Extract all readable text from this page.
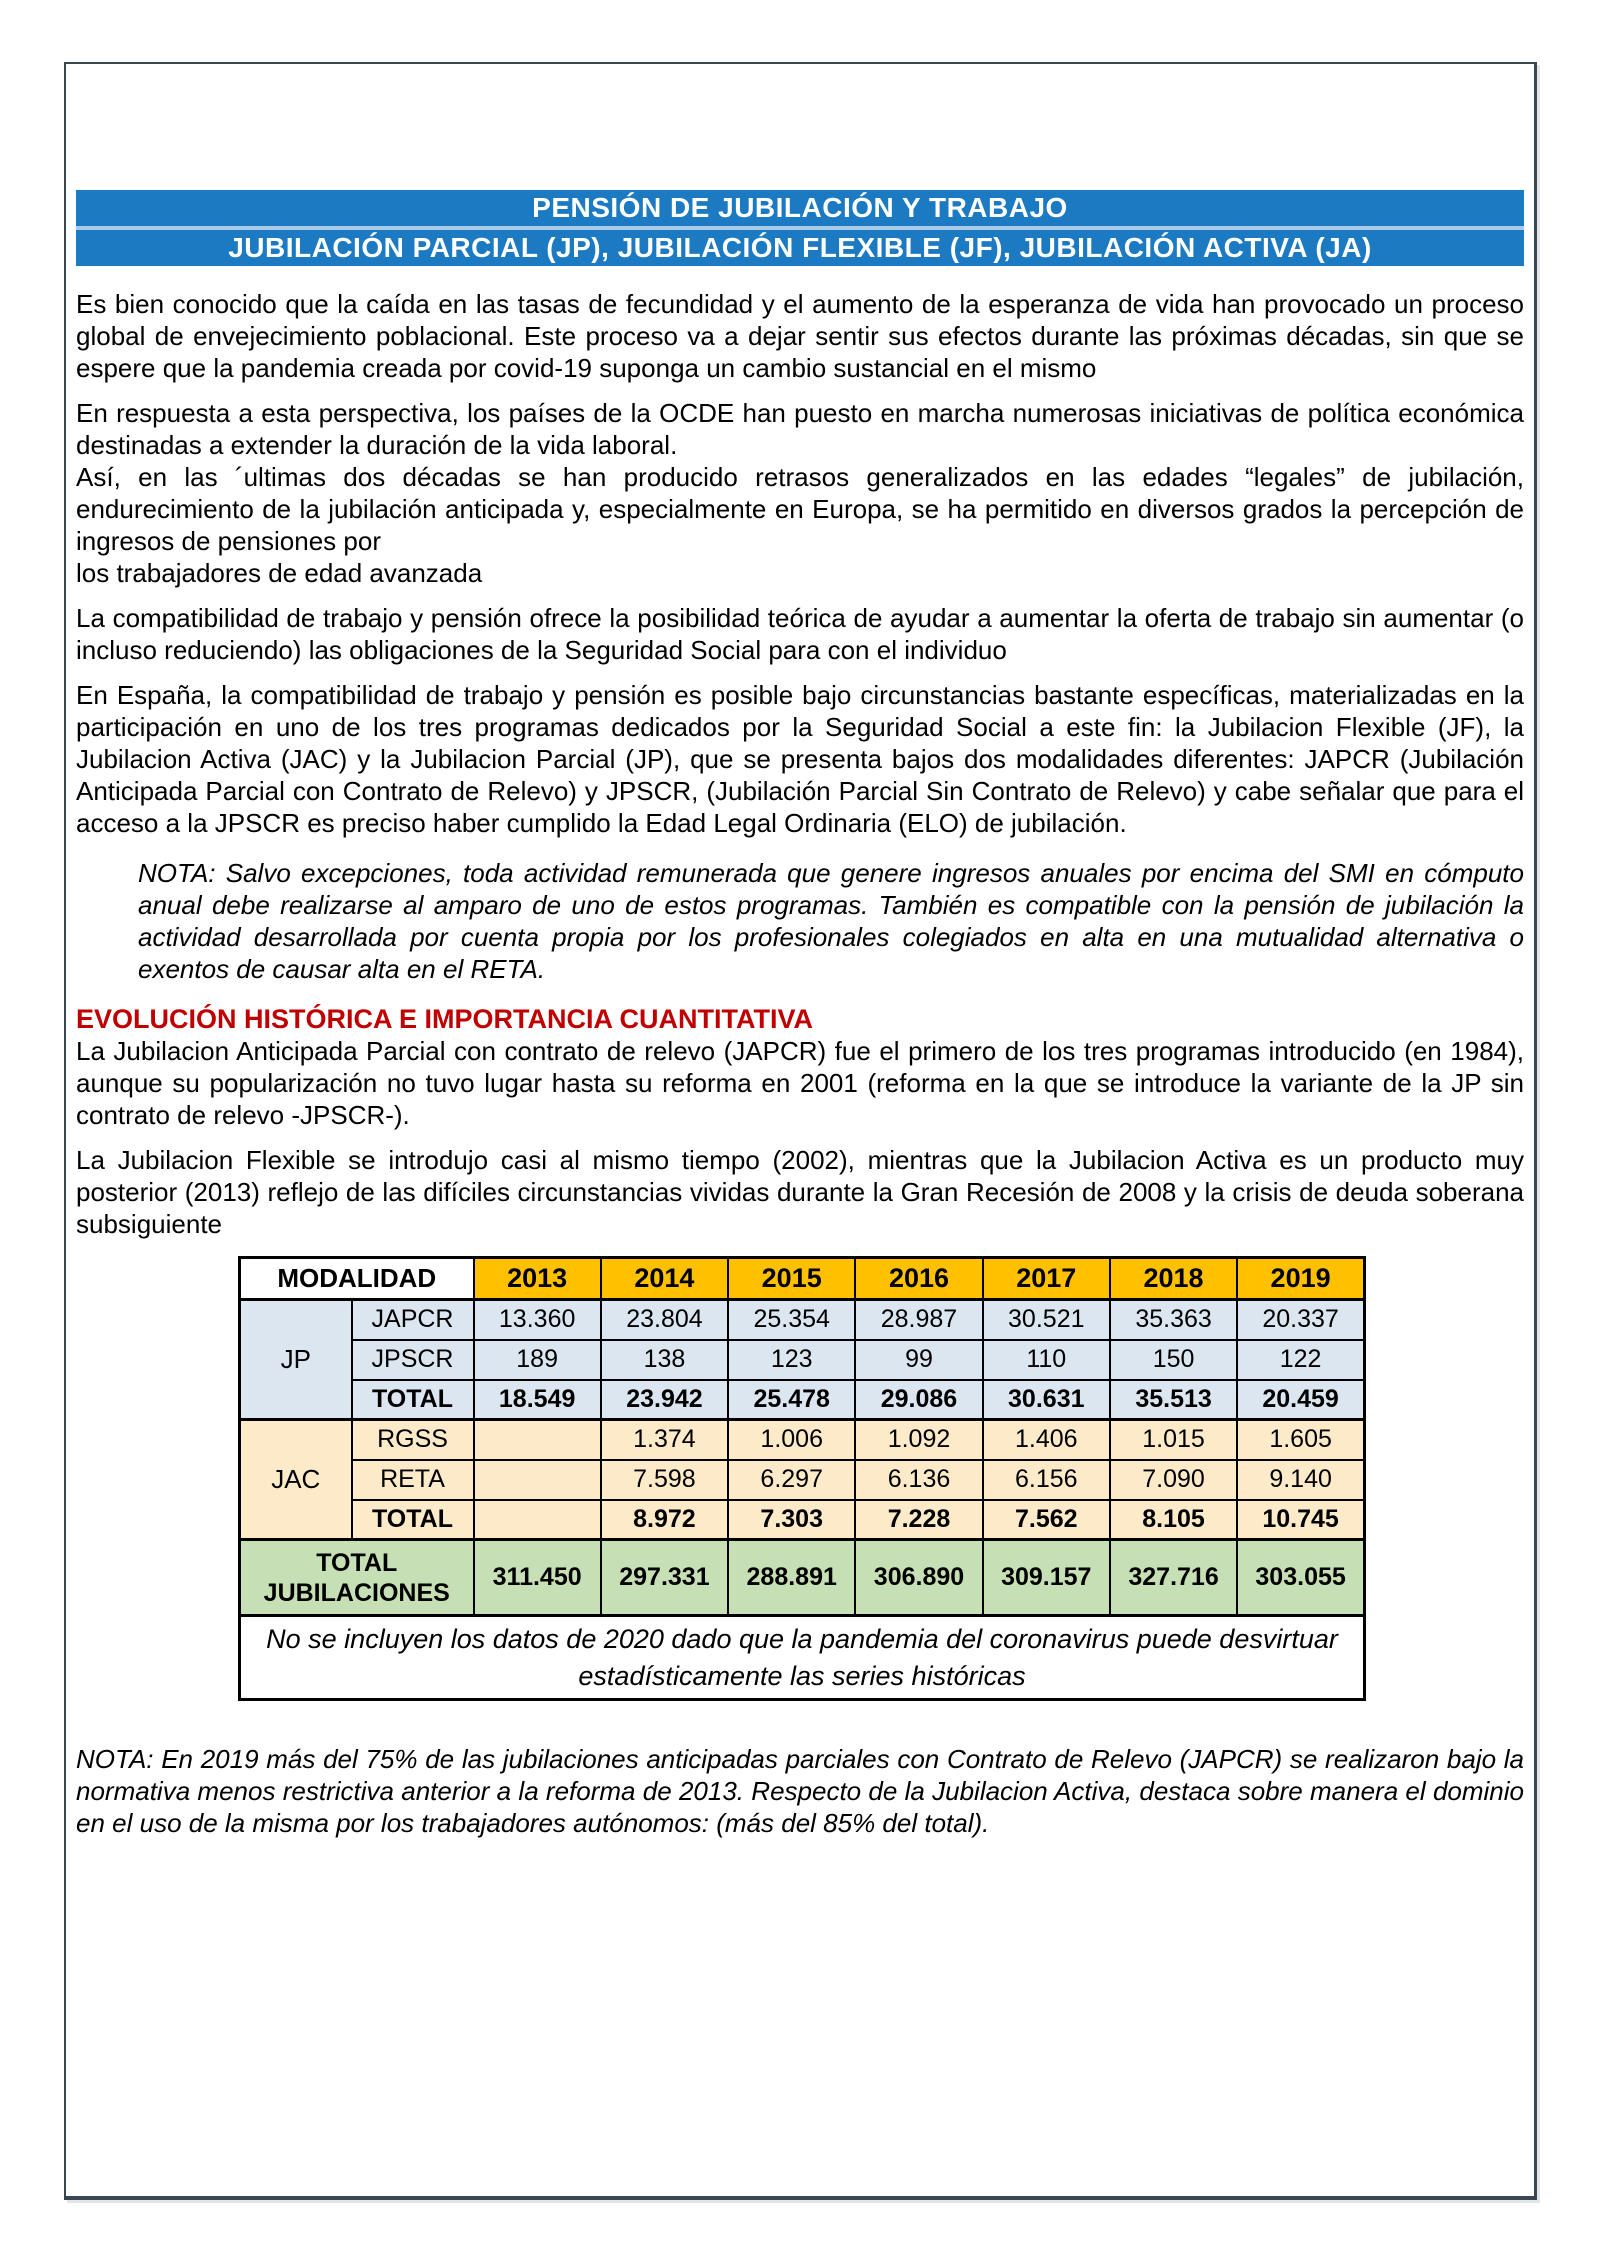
PENSIÓN DE JUBILACIÓN Y TRABAJO
JUBILACIÓN PARCIAL (JP), JUBILACIÓN FLEXIBLE (JF), JUBILACIÓN ACTIVA (JA)
Es bien conocido que la caída en las tasas de fecundidad y el aumento de la esperanza de vida han provocado un proceso global de envejecimiento poblacional. Este proceso va a dejar sentir sus efectos durante las próximas décadas, sin que se espere que la pandemia creada por covid-19 suponga un cambio sustancial en el mismo
En respuesta a esta perspectiva, los países de la OCDE han puesto en marcha numerosas iniciativas de política económica destinadas a extender la duración de la vida laboral.
Así, en las ´ultimas dos décadas se han producido retrasos generalizados en las edades “legales” de jubilación, endurecimiento de la jubilación anticipada y, especialmente en Europa, se ha permitido en diversos grados la percepción de ingresos de pensiones por
los trabajadores de edad avanzada
La compatibilidad de trabajo y pensión ofrece la posibilidad teórica de ayudar a aumentar la oferta de trabajo sin aumentar (o incluso reduciendo) las obligaciones de la Seguridad Social para con el individuo
En España, la compatibilidad de trabajo y pensión es posible bajo circunstancias bastante específicas, materializadas en la participación en uno de los tres programas dedicados por la Seguridad Social a este fin: la Jubilacion Flexible (JF), la Jubilacion Activa (JAC) y la Jubilacion Parcial (JP), que se presenta bajos dos modalidades diferentes: JAPCR (Jubilación Anticipada Parcial con Contrato de Relevo) y JPSCR, (Jubilación Parcial Sin Contrato de Relevo) y cabe señalar que para el acceso a la JPSCR es preciso haber cumplido la Edad Legal Ordinaria (ELO) de jubilación.
NOTA: Salvo excepciones, toda actividad remunerada que genere ingresos anuales por encima del SMI en cómputo anual debe realizarse al amparo de uno de estos programas. También es compatible con la pensión de jubilación la actividad desarrollada por cuenta propia por los profesionales colegiados en alta en una mutualidad alternativa o exentos de causar alta en el RETA.
EVOLUCIÓN HISTÓRICA E IMPORTANCIA CUANTITATIVA
La Jubilacion Anticipada Parcial con contrato de relevo (JAPCR) fue el primero de los tres programas introducido (en 1984), aunque su popularización no tuvo lugar hasta su reforma en 2001 (reforma en la que se introduce la variante de la JP sin contrato de relevo -JPSCR-).
La Jubilacion Flexible se introdujo casi al mismo tiempo (2002), mientras que la Jubilacion Activa es un producto muy posterior (2013) reflejo de las difíciles circunstancias vividas durante la Gran Recesión de 2008 y la crisis de deuda soberana subsiguiente
MODALIDAD		2013	2014	2015	2016	2017	2018	2019
JP	JAPCR	13.360	23.804	25.354	28.987	30.521	35.363	20.337
	JPSCR	189	138	123	99	110	150	122
	TOTAL	18.549	23.942	25.478	29.086	30.631	35.513	20.459
JAC	RGSS		1.374	1.006	1.092	1.406	1.015	1.605
	RETA		7.598	6.297	6.136	6.156	7.090	9.140
	TOTAL		8.972	7.303	7.228	7.562	8.105	10.745
TOTAL JUBILACIONES		311.450	297.331	288.891	306.890	309.157	327.716	303.055
No se incluyen los datos de 2020 dado que la pandemia del coronavirus puede desvirtuar estadísticamente las series históricas								
NOTA: En 2019 más del 75% de las jubilaciones anticipadas parciales con Contrato de Relevo (JAPCR) se realizaron bajo la normativa menos restrictiva anterior a la reforma de 2013. Respecto de la Jubilacion Activa, destaca sobre manera el dominio en el uso de la misma por los trabajadores autónomos: (más del 85% del total).
